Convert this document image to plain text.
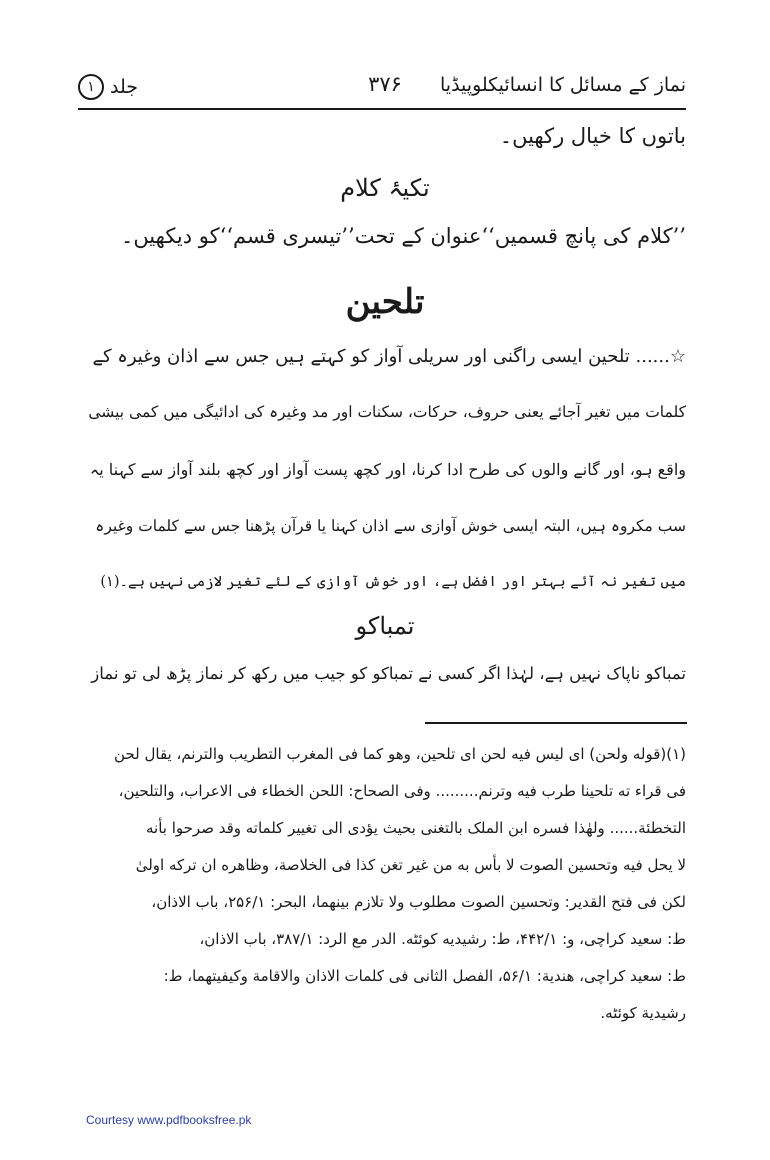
نماز کے مسائل کا انسائیکلوپیڈیا
۳۷۶
جلد
۱
باتوں کا خیال رکھیں۔
تکیۂ کلام
’’کلام کی پانچ قسمیں‘‘عنوان کے تحت’’تیسری قسم‘‘کو دیکھیں۔
تلحین
☆...... تلحین ایسی راگنی اور سریلی آواز کو کہتے ہیں جس سے اذان وغیرہ کے
کلمات میں تغیر آجائے یعنی حروف، حرکات، سکنات اور مد وغیرہ کی ادائیگی میں کمی بیشی
واقع ہو، اور گانے والوں کی طرح ادا کرنا، اور کچھ پست آواز اور کچھ بلند آواز سے کہنا یہ
سب مکروہ ہیں، البتہ ایسی خوش آوازی سے اذان کہنا یا قرآن پڑھنا جس سے کلمات وغیرہ
میں تغیر نہ آئے بہتر اور افضل ہے، اور خوش آوازی کے لئے تغیر لازمی نہیں ہے۔(۱)
تمباکو
تمباکو ناپاک نہیں ہے، لہٰذا اگر کسی نے تمباکو کو جیب میں رکھ کر نماز پڑھ لی تو نماز
(۱)(قوله ولحن) ای لیس فیه لحن ای تلحین، وهو کما فی المغرب التطریب والترنم، یقال لحن
فی قراء ته تلحینا طرب فیه وترنم......... وفی الصحاح: اللحن الخطاء فی الاعراب، والتلحین،
التخطئة...... ولهٰذا فسره ابن الملک بالتغنی بحیث یؤدی الی تغییر کلماته وقد صرحوا بأنه
لا یحل فیه وتحسین الصوت لا بأس به من غیر تغن کذا فی الخلاصة، وظاهره ان ترکه اولیٰ
لکن فی فتح القدیر: وتحسین الصوت مطلوب ولا تلازم بینهما، البحر: ۲۵۶/۱، باب الاذان،
ط: سعید کراچی، و: ۴۴۲/۱، ط: رشیدیه کوئٹه. الدر مع الرد: ۳۸۷/۱، باب الاذان،
ط: سعید کراچی، هندیة: ۵۶/۱، الفصل الثانی فی کلمات الاذان والاقامة وکیفیتهما، ط:
رشیدیة کوئٹه.
Courtesy www.pdfbooksfree.pk
